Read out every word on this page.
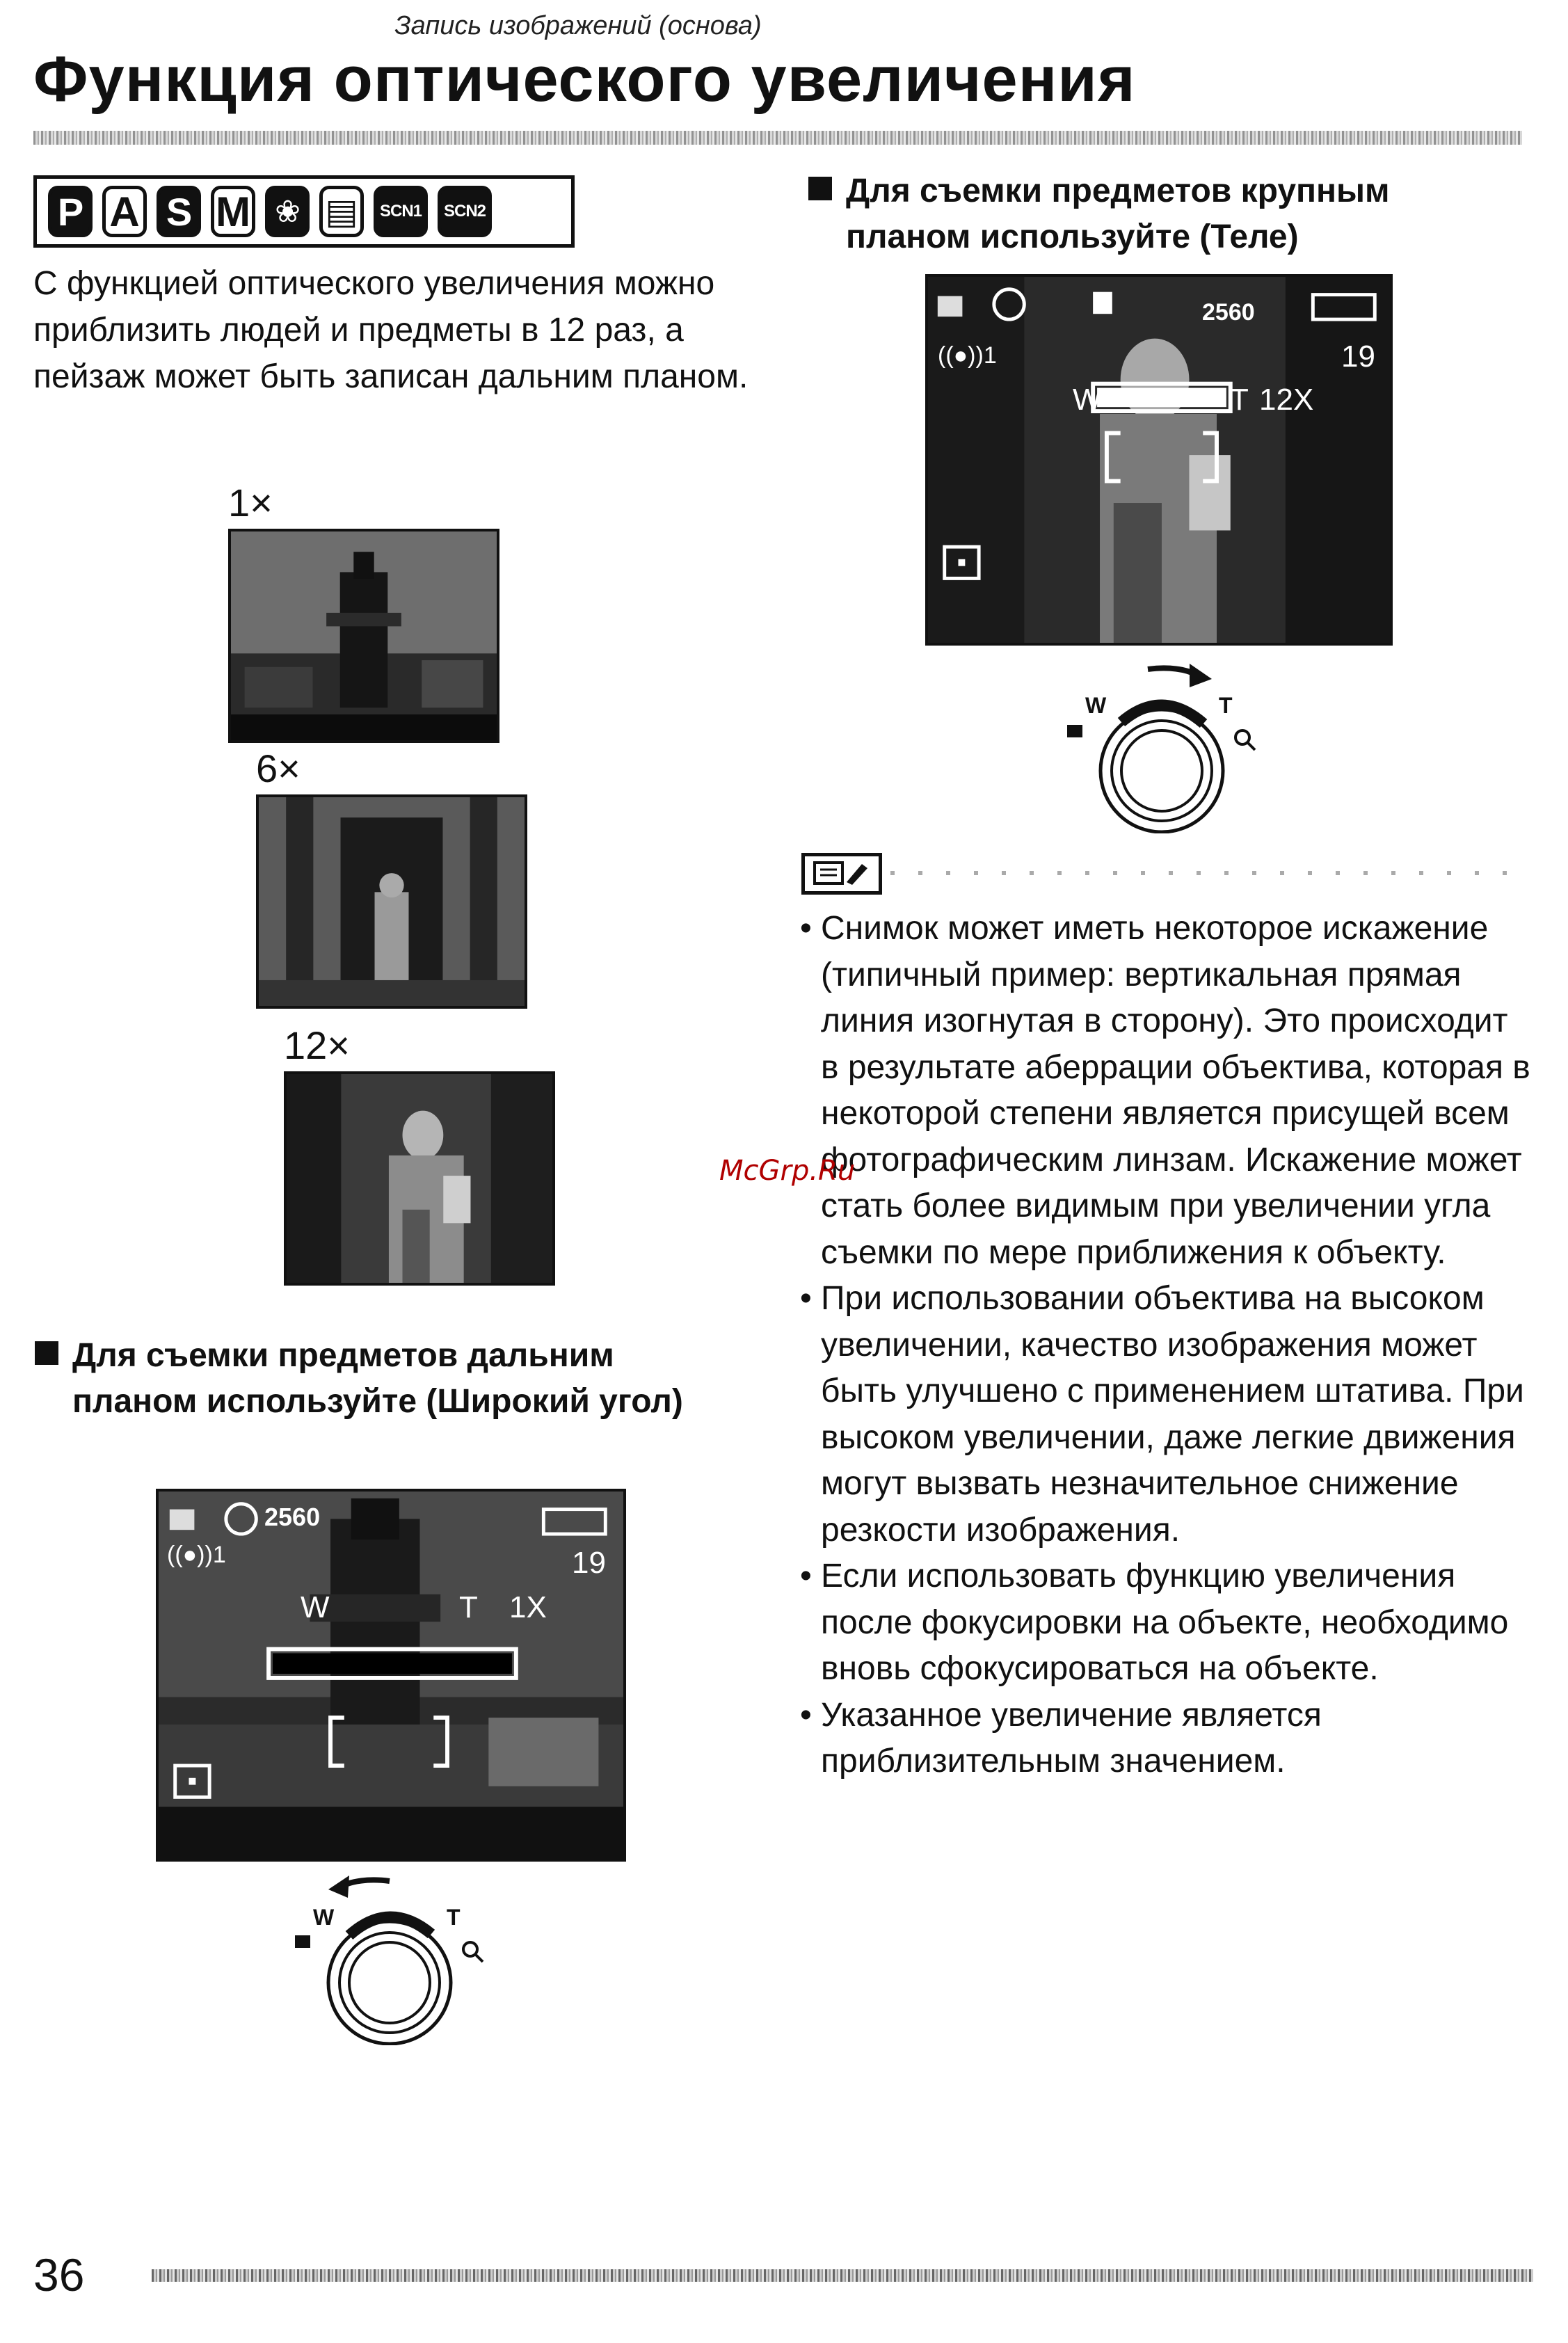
Запись изображений (основа)
Функция оптического увеличения
P A S M ❀ ▤	SCN1	SCN2
С функцией оптического увеличения можно приблизить людей и предметы в 12 раз, а пейзаж может быть записан дальним планом.
1×
6×
12×
Для съемки предметов дальним планом используйте (Широкий угол)
2560
19
((●))1
W	T 1X
W	T
Для съемки предметов крупным планом используйте (Теле)
2560
19
((●))1
W	T 12X
W	T
• Снимок может иметь некоторое искажение (типичный пример: вертикальная прямая линия изогнутая в сторону). Это происходит в результате аберрации объектива, которая в некоторой степени является присущей всем фотографическим линзам. Искажение может стать более видимым при увеличении угла съемки по мере приближения к объекту.
• При использовании объектива на высоком увеличении, качество изображения может быть улучшено с применением штатива. При высоком увеличении, даже легкие движения могут вызвать незначительное снижение резкости изображения.
• Если использовать функцию увеличения после фокусировки на объекте, необходимо вновь сфокусироваться на объекте.
• Указанное увеличение является приблизительным значением.
McGrp.Ru
36
